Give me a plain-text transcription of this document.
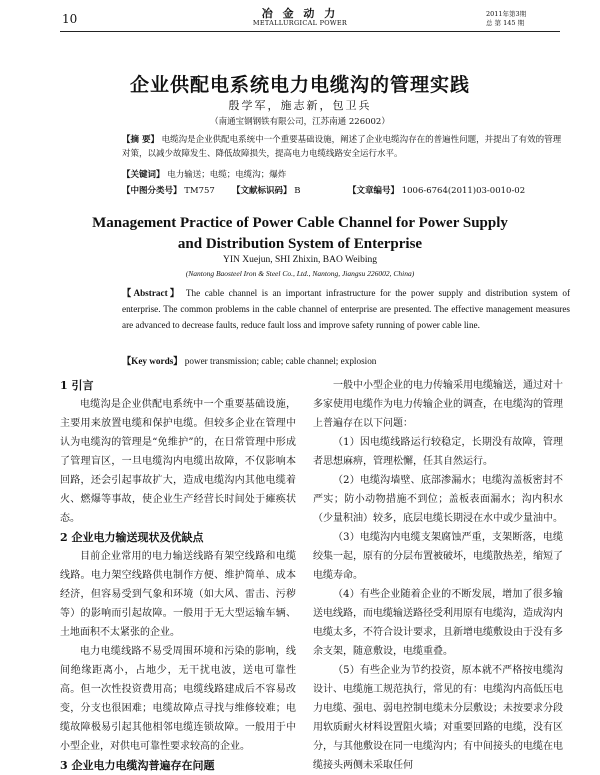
10	冶 金 动 力
METALLURGICAL POWER
2011年第3期
总 第 145 期
企业供配电系统电力电缆沟的管理实践
殷学军，施志新，包卫兵
（南通宝钢钢铁有限公司，江苏南通 226002）
【摘 要】 电缆沟是企业供配电系统中一个重要基础设施，阐述了企业电缆沟存在的普遍性问题，并提出了有效的管理对策，以减少故障发生、降低故障损失，提高电力电缆线路安全运行水平。
【关键词】 电力输送；电缆；电缆沟；爆炸
【中图分类号】 TM757 【文献标识码】 B	【文章编号】 1006-6764(2011)03-0010-02
Management Practice of Power Cable Channel for Power Supply
and Distribution System of Enterprise
YIN Xuejun, SHI Zhixin, BAO Weibing
(Nantong Baosteel Iron & Steel Co., Ltd., Nantong, Jiangsu 226002, China)
【Abstract】 The cable channel is an important infrastructure for the power supply and distribution system of enterprise. The common problems in the cable channel of enterprise are presented. The effective management measures are advanced to decrease faults, reduce fault loss and improve safety running of power cable line.
【Key words】 power transmission; cable; cable channel; explosion
1 引言

电缆沟是企业供配电系统中一个重要基础设施，主要用来放置电缆和保护电缆。但较多企业在管理中认为电缆沟的管理是“免维护”的，在日常管理中形成了管理盲区，一旦电缆沟内电缆出故障，不仅影响本回路，还会引起事故扩大，造成电缆沟内其他电缆着火、燃爆等事故，使企业生产经营长时间处于瘫痪状态。

2 企业电力输送现状及优缺点

目前企业常用的电力输送线路有架空线路和电缆线路。电力架空线路供电制作方便、维护简单、成本经济，但容易受到气象和环境（如大风、雷击、污秽等）的影响而引起故障。一般用于无大型运输车辆、土地面积不太紧张的企业。

电力电缆线路不易受周围环境和污染的影响，线间绝缘距离小，占地少，无干扰电波，送电可靠性高。但一次性投资费用高；电缆线路建成后不容易改变，分支也很困难；电缆故障点寻找与维修较难；电缆故障极易引起其他相邻电缆连锁故障。一般用于中小型企业，对供电可靠性要求较高的企业。

3 企业电力电缆沟普遍存在问题

一般中小型企业的电力传输采用电缆输送，通过对十多家使用电缆作为电力传输企业的调查，在电缆沟的管理上普遍存在以下问题：

（1）因电缆线路运行较稳定，长期没有故障，管理者思想麻痹，管理松懈，任其自然运行。

（2）电缆沟墙壁、底部渗漏水；电缆沟盖板密封不严实；防小动物措施不到位；盖板表面漏水；沟内积水（少量积油）较多，底层电缆长期浸在水中或少量油中。

（3）电缆沟内电缆支架腐蚀严重，支架断落，电缆绞集一起，原有的分层布置被破坏，电缆散热差，缩短了电缆寿命。

（4）有些企业随着企业的不断发展，增加了很多输送电线路，而电缆输送路径受利用原有电缆沟，造成沟内电缆太多，不符合设计要求，且新增电缆敷设由于没有多余支架，随意敷设，电缆重叠。

（5）有些企业为节约投资，原本就不严格按电缆沟设计、电缆施工规范执行，常见的有：电缆沟内高低压电力电缆、强电、弱电控制电缆未分层敷设；未按要求分段用软质耐火材料设置阻火墙；对重要回路的电缆，没有区分，与其他敷设在同一电缆沟内；有中间接头的电缆在电缆接头两侧未采取任何
